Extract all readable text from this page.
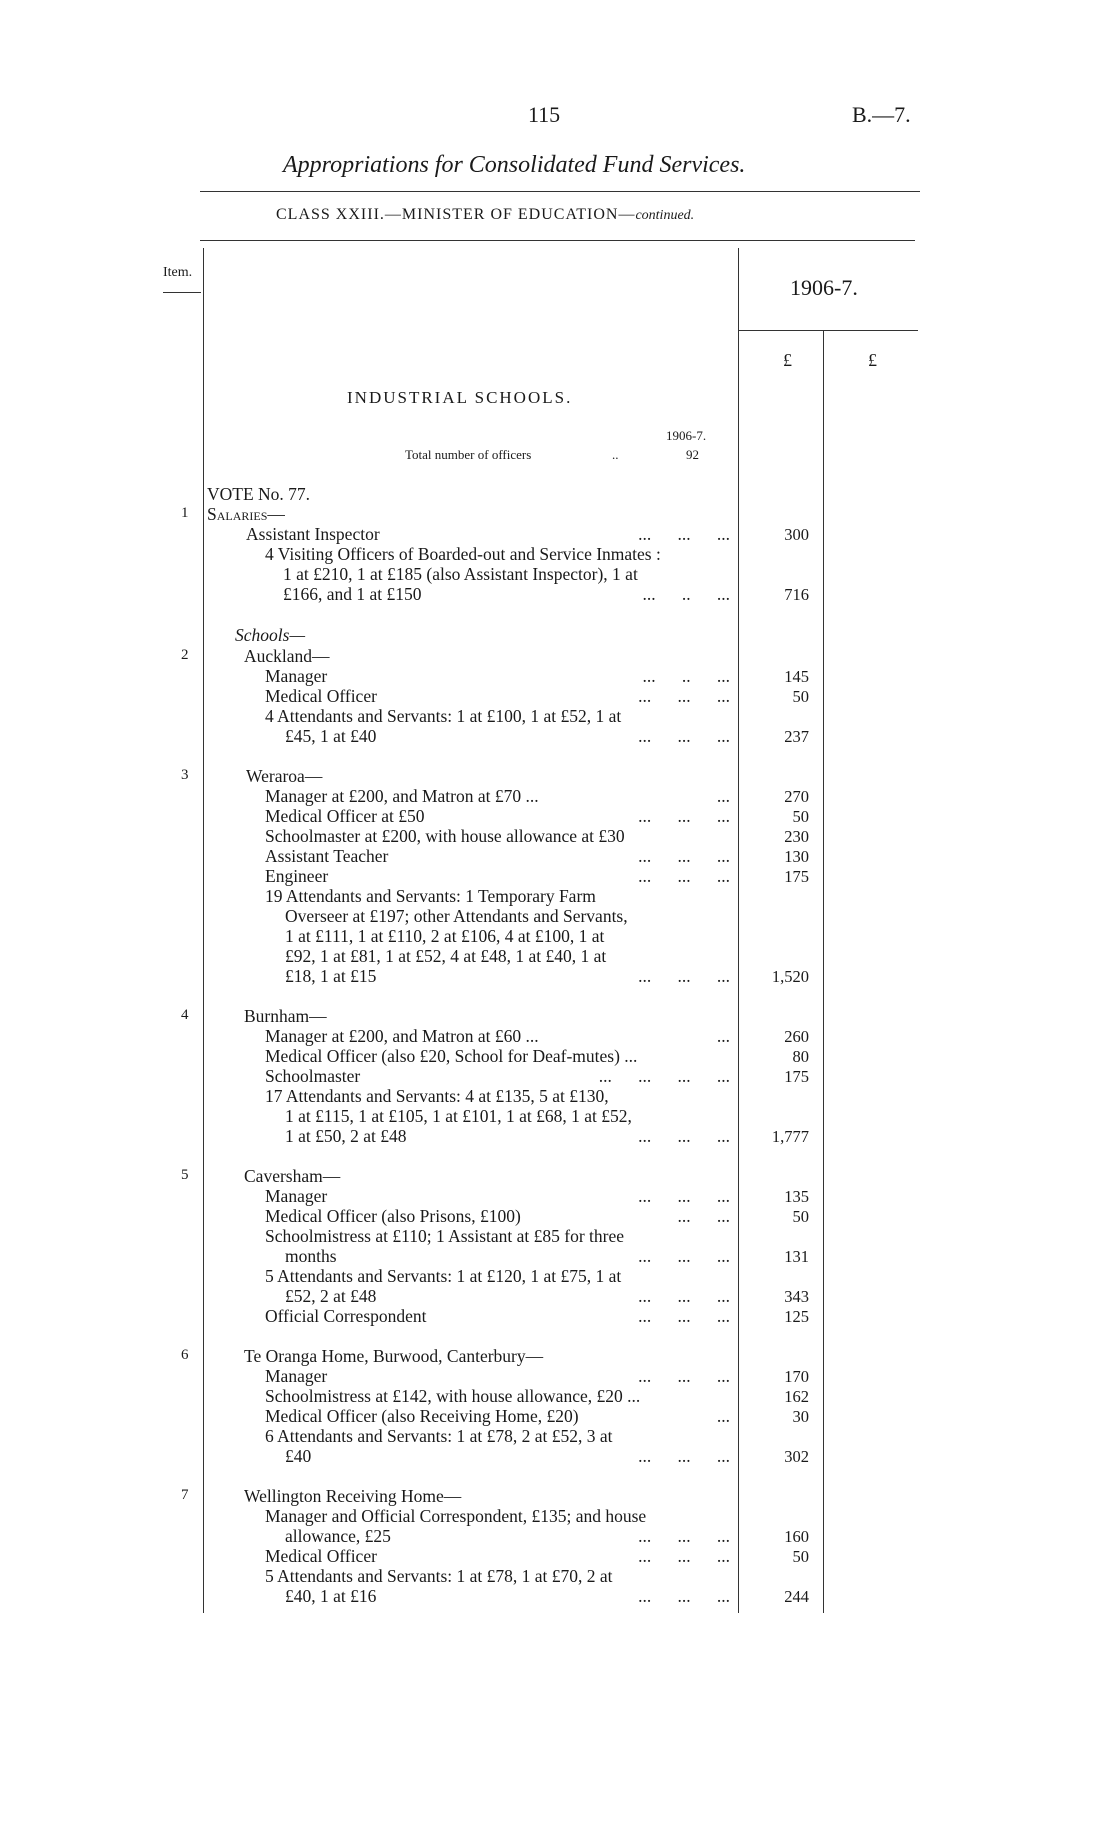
115	B.—7.
Appropriations for Consolidated Fund Services.
CLASS XXIII.—MINISTER OF EDUCATION—continued.
Item.
1906-7.
£	£
INDUSTRIAL SCHOOLS.
1906-7.
Total number of officers	..	92
VOTE No. 77.
Schools—
1 Salaries—
Assistant Inspector	...      ...      ...	300
4 Visiting Officers of Boarded-out and Service Inmates :
1 at £210, 1 at £185 (also Assistant Inspector), 1 at
£166, and 1 at £150	...      ..      ...	716
2	Auckland—
Manager	...      ..      ...	145
Medical Officer	...      ...      ...	50
4 Attendants and Servants: 1 at £100, 1 at £52, 1 at
£45, 1 at £40	...      ...      ...	237
3	Weraroa—
Manager at £200, and Matron at £70 ...	...	270
Medical Officer at £50	...      ...      ...	50
Schoolmaster at £200, with house allowance at £30	230
Assistant Teacher	...      ...      ...	130
Engineer	...      ...      ...	175
19 Attendants and Servants: 1 Temporary Farm
Overseer at £197; other Attendants and Servants,
1 at £111, 1 at £110, 2 at £106, 4 at £100, 1 at
£92, 1 at £81, 1 at £52, 4 at £48, 1 at £40, 1 at
£18, 1 at £15	...      ...      ...	1,520
4	Burnham—
Manager at £200, and Matron at £60 ...	...	260
Medical Officer (also £20, School for Deaf-mutes) ...	80
Schoolmaster	...      ...      ...      ...	175
17 Attendants and Servants: 4 at £135, 5 at £130,
1 at £115, 1 at £105, 1 at £101, 1 at £68, 1 at £52,
1 at £50, 2 at £48	...      ...      ...	1,777
5	Caversham—
Manager	...      ...      ...	135
Medical Officer (also Prisons, £100)	...      ...	50
Schoolmistress at £110; 1 Assistant at £85 for three
months	...      ...      ...	131
5 Attendants and Servants: 1 at £120, 1 at £75, 1 at
£52, 2 at £48	...      ...      ...	343
Official Correspondent	...      ...      ...	125
6	Te Oranga Home, Burwood, Canterbury—
Manager	...      ...      ...	170
Schoolmistress at £142, with house allowance, £20 ...	162
Medical Officer (also Receiving Home, £20)	...	30
6 Attendants and Servants: 1 at £78, 2 at £52, 3 at
£40	...      ...      ...	302
7	Wellington Receiving Home—
Manager and Official Correspondent, £135; and house
allowance, £25	...      ...      ...	160
Medical Officer	...      ...      ...	50
5 Attendants and Servants: 1 at £78, 1 at £70, 2 at
£40, 1 at £16	...      ...      ...	244
